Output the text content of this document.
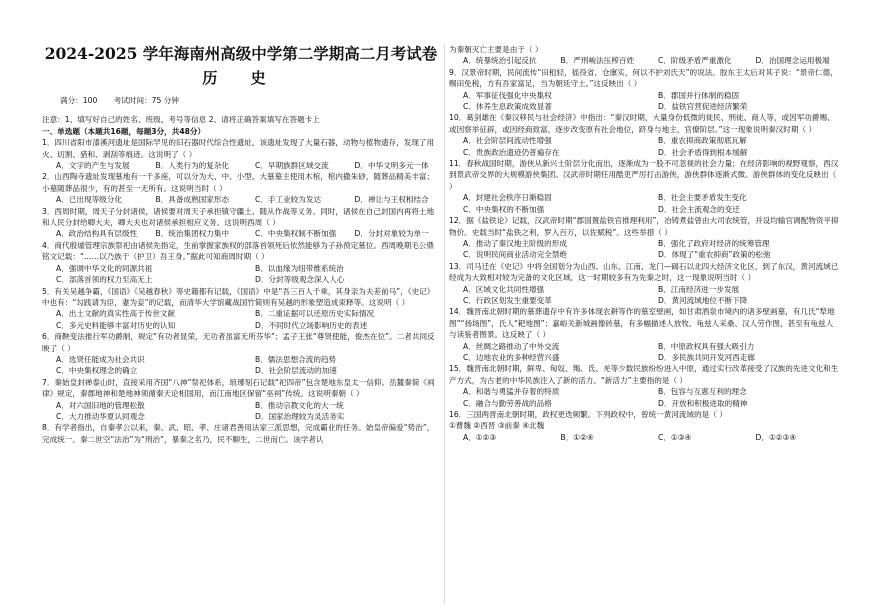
2024-2025 学年海南州高级中学第二学期高二月考试卷
历 史
满分：100 考试时间：75 分钟

注意：1、填写好自己的姓名、班级、考号等信息 2、请将正确答案填写在答题卡上

一、单选题（本题共16题，每题3分，共48分）

1．四川省阳市漆溪河遗址是国际罕见的旧石器时代综合性遗址，该遗址发现了大量石器，动物与植物遗存，发现了用火、切割、猎和、剥刮等痕迹。这说明了（ ）

A．文字的产生与发展	B．人类行为的复杂化	C．早期族群区域交流	D．中华文明多元一体

2．山西陶寺遗址发现墓地有一千多座，可以分为大、中、小型。大墓墓主使用木棺，棺内撒朱砂，随葬品精美丰富；小墓随葬品很少，有的甚至一无所有。这说明当时（ ）

A．已出现等级分化	B．具备成熟国家形态	C．手工业较为发达	D．禅让与王权相结合

3．西周时期，周天子分封诸侯，诸侯要对周天子承担镇守疆土、随从作战等义务。同时，诸侯在自己封国内再将土地和人民分封给卿大夫，卿大夫也对诸侯承担相应义务。这说明西周（ ）

A．政治结构具有层级性	B．统治集团权力集中	C．中央集权制不断加强	D．分封对象较为单一

4．商代殷墟管理宗族祭祀由诸侯先指定，生前掌握家族权的部落首领死后依然能够为子孙预定墓位。西周晚期毛公鼎铭文记载：“……以乃族干（护卫）吾王身。”据此可知商周时期（ ）

A．强调中华文化的同源共祖	B．以血缘为纽带维系统治
C．部落首领的权力至高无上	D．分封等级观念深入人心

5．有关吴越争霸，《国语》《吴越春秋》等史籍都有记载，《国语》中是“吾三百人千乘，其身亲为夫差前马”，《史记》中也有：“勾践请为臣，妻为妾”的记载，而清华大学馆藏战国竹简则有吴越的形象塑造成束释等。这说明（ ）

A．出土文献的真实性高于传世文献	B．二重证据可以还原历史实际情况
C．多元史料能够丰富对历史的认知	D．不同时代立场影响历史的表述

6．商鞅变法推行军功爵制，规定“有功者显荣，无功者虽富无所芬华”；孟子王张“尊贤使能，俊杰在位”。二者共同反映了（ ）

A．选贤任能成为社会共识	B．儒法思想合流的趋势
C．中央集权理念的确立	D．社会阶层流动的加速

7．秦始皇封禅泰山时，直接采用齐国“八神”祭祀体系，琅琊刻石记载“祀四帝”包含楚地东皇太一信仰。岳麓秦简《祠律》规定，秦郡地神和楚地神须循秦天论相国用，而江南地区保留“巫祠”传统。这说明秦朝（ ）

A．对六国旧地的管理松散	B．推动宗教文化的大一统
C．大力推动华夏认同观念	D．国家治理较为灵活务实

8．有学者指出，自秦孝公以来，秦、武、昭、孝、庄诸君善用法家三派思想，完成霸业的任务。始皇帝偏爱“势治”，完成统一。秦二世空“法治”为“刑治”，暴秦之名乃，民不聊生，二世而亡。该学者认

为秦朝灭亡主要是由于（ ）

A．统暴统治引起反抗	B．严刑峻法压榨百姓	C．阶级矛盾严重激化	D．治国理念运用极端

9．汉景帝时期，民间流传“田租轻，徭役省，仓廪实，何以不护刘氏天”的说法。胶东王太后对其子说：“景帝仁德，赐田免税，方有吾家富足，当为朝廷守土。”这反映出（ ）

A．军事征伐强化中央集权	B．郡国并行体制的稳固
C．休养生息政策成效显著	D．盐铁官营促进经济繁荣

10．葛剑雄在《秦汉移民与社会经济》中指出：“秦汉时期，大量身份低微的徙民、刑徒、商人等，或因军功爵赐、或因察举征辟，或因经商致富，逐步改变原有社会地位，跻身与地主、官僚阶层。”这一现象说明秦汉时期（ ）

A．社会阶层间流动性增强	B．重农抑商政策彻底瓦解
C．贵族政治遗迹仍普遍存在	D．社会矛盾得到根本缓解

11．春秋战国时期，游侠从新兴士阶层分化而出，逐渐成为一股不可忽视的社会力量；在经济影响的视野观察，西汉到景武帝交界的大规模游侠集团。汉武帝时期任用酷吏严厉打击游侠，游侠群体逐渐式微。游侠群体的变化反映出（ ）

A．封建社会秩序日渐稳固	B．社会主要矛盾发生变化
C．中央集权的不断加强	D．社会主流观念的变迁

12．据《盐铁论》记载，汉武帝时期“郡国置盐铁官推理利用”，冶铸煮盐曾由大司农统管，并设均输官调配物资平抑物价。史载当时“盐铁之利，罗入百万，以佐赋税”。这些举措（ ）

A．推动了秦汉地主阶级的形成	B．强化了政府对经济的统筹管理
C．说明民间商业活动完全禁绝	D．体现了“重农抑商”政策的松弛

13．司马迁在《史记》中将全国划分为山西、山东、江南、龙门—碣石以北四大经济文化区，到了东汉，黄河流域已经成为大致相对较为完备的文化区域，这一时期较多有为先秦之时，这一现象说明当时（ ）

A．区域文化共同性增强	B．江南经济进一步发展
C．行政区划发生重要变革	D．黄河流域地位不断下降

14．魏晋南北朝时期的墓葬遗存中有许多体现农耕等作的墓室壁画，如甘肃酒泉市境内的诸多壁画墓，有几氏“犁地图”“扬场图”，氏人“耙地图”；嘉峪关新城画像砖墓，有多幅描述人放牧、龟兹人采桑、汉人劳作图，甚至有龟兹人与读鉴者图景。这反映了（ ）

A．丝绸之路推动了中外交流	B．中原政权具有强大吸引力
C．边地农业的多种经营兴盛	D．多民族共同开发河西走廊

15．魏晋南北朝时期，鲜卑、匈奴、羯、氐、羌等少数民族纷纷进入中原，通过实行改革接受了汉族的先进文化和生产方式，为古老的中华民族注入了新的活力。“新活力”主要指的是（ ）

A．和谐与勇猛并存着的特质	B．包容与互惠互利的理念
C．融合与勤劳善战的品格	D．开放和积极进取的精神

16．三国两晋南北朝时期，政权更迭频繁。下列政权中，曾统一黄河流域的是（ ）

①曹魏 ②西晋 ③前秦 ④北魏
A．①②③	B．①②④	C．①③④	D．①②③④
